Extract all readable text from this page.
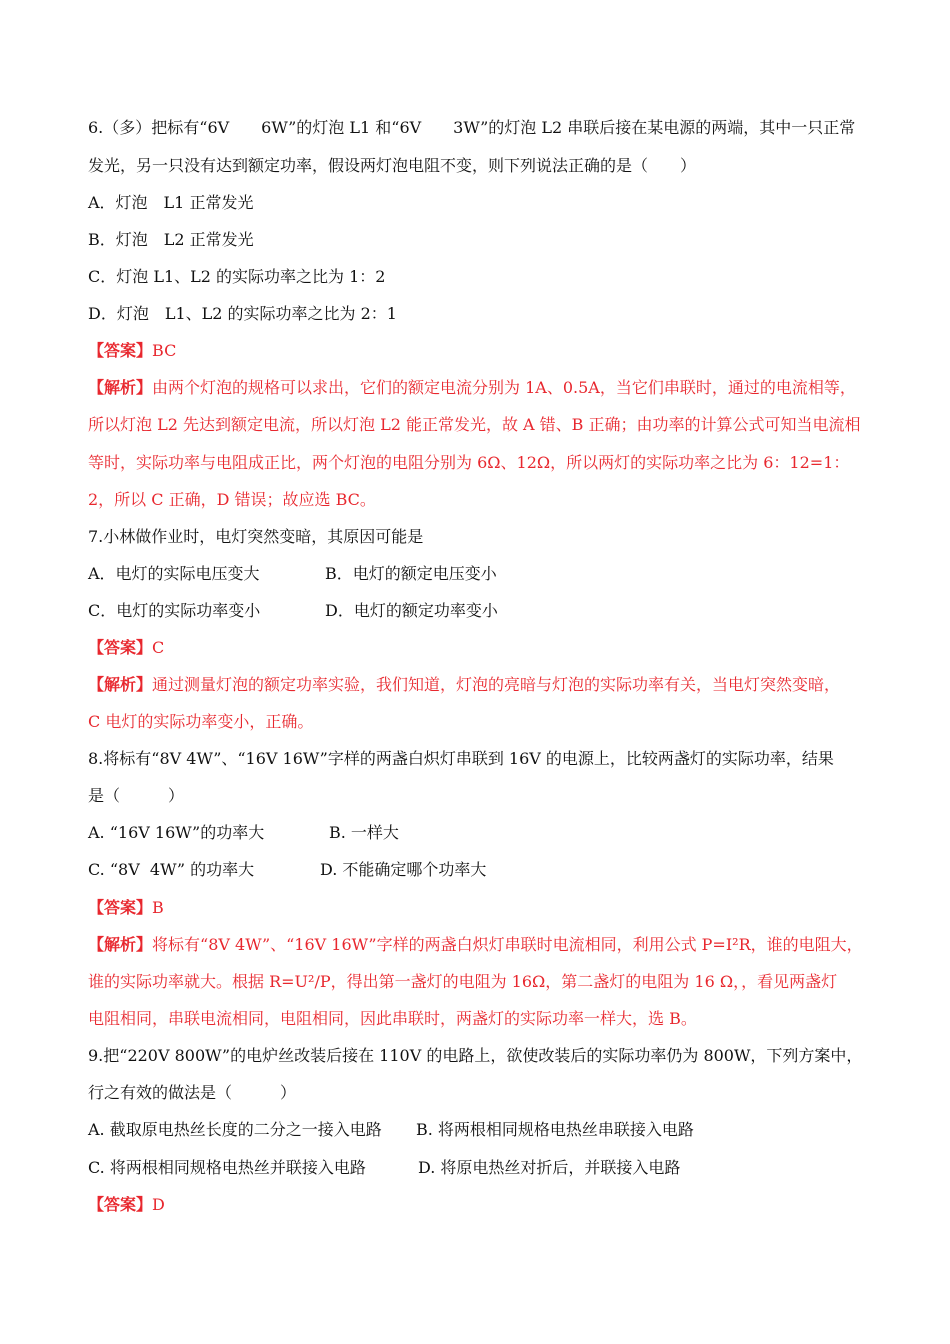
6.（多）把标有“6V　　6W”的灯泡 L1 和“6V　　3W”的灯泡 L2 串联后接在某电源的两端，其中一只正常
发光，另一只没有达到额定功率，假设两灯泡电阻不变，则下列说法正确的是（　　）
A．灯泡　L1 正常发光
B．灯泡　L2 正常发光
C．灯泡 L1、L2 的实际功率之比为 1：2
D．灯泡　L1、L2 的实际功率之比为 2：1
【答案】BC
【解析】由两个灯泡的规格可以求出，它们的额定电流分别为 1A、0.5A，当它们串联时，通过的电流相等，
所以灯泡 L2 先达到额定电流，所以灯泡 L2 能正常发光，故 A 错、B 正确；由功率的计算公式可知当电流相
等时，实际功率与电阻成正比，两个灯泡的电阻分别为 6Ω、12Ω，所以两灯的实际功率之比为 6：12=1：
2，所以 C 正确，D 错误；故应选 BC。
7.小林做作业时，电灯突然变暗，其原因可能是
A．电灯的实际电压变大	B．电灯的额定电压变小
C．电灯的实际功率变小	D．电灯的额定功率变小
【答案】C
【解析】通过测量灯泡的额定功率实验，我们知道，灯泡的亮暗与灯泡的实际功率有关，当电灯突然变暗，
C 电灯的实际功率变小，正确。
8.将标有“8V 4W”、“16V 16W”字样的两盏白炽灯串联到 16V 的电源上，比较两盏灯的实际功率，结果
是（　　　）
A. “16V 16W”的功率大	B. 一样大
C. “8V  4W” 的功率大	D. 不能确定哪个功率大
【答案】B
【解析】将标有“8V 4W”、“16V 16W”字样的两盏白炽灯串联时电流相同，利用公式 P=I²R，谁的电阻大，
谁的实际功率就大。根据 R=U²/P，得出第一盏灯的电阻为 16Ω，第二盏灯的电阻为 16 Ω，，看见两盏灯
电阻相同，串联电流相同，电阻相同，因此串联时，两盏灯的实际功率一样大，选 B。
9.把“220V 800W”的电炉丝改装后接在 110V 的电路上，欲使改装后的实际功率仍为 800W，下列方案中，
行之有效的做法是（　　　）
A. 截取原电热丝长度的二分之一接入电路 B. 将两根相同规格电热丝串联接入电路
C. 将两根相同规格电热丝并联接入电路	D. 将原电热丝对折后，并联接入电路
【答案】D
